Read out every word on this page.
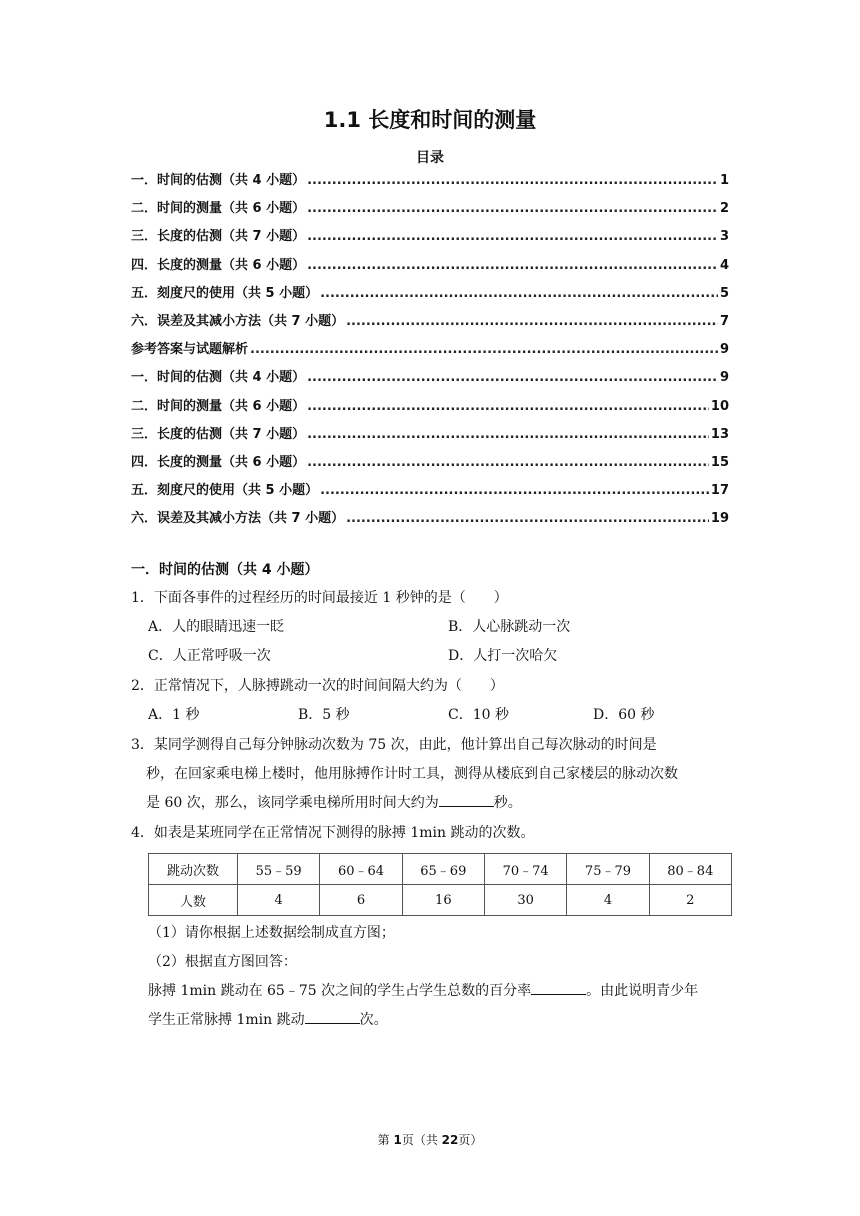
1.1 长度和时间的测量
目录
一．时间的估测（共 4 小题） .....	1
二．时间的测量（共 6 小题） .....	2
三．长度的估测（共 7 小题） .....	3
四．长度的测量（共 6 小题） .....	4
五．刻度尺的使用（共 5 小题） .....	5
六．误差及其减小方法（共 7 小题） .....	7
参考答案与试题解析 .....	9
一．时间的估测（共 4 小题） .....	9
二．时间的测量（共 6 小题） .....	10
三．长度的估测（共 7 小题） .....	13
四．长度的测量（共 6 小题） .....	15
五．刻度尺的使用（共 5 小题） .....	17
六．误差及其减小方法（共 7 小题） .....	19
一．时间的估测（共 4 小题）
1．下面各事件的过程经历的时间最接近 1 秒钟的是（　　）
A．人的眼睛迅速一眨	B．人心脉跳动一次
C．人正常呼吸一次	D．人打一次哈欠
2．正常情况下，人脉搏跳动一次的时间间隔大约为（　　）
A．1 秒	B．5 秒	C．10 秒	D．60 秒
3．某同学测得自己每分钟脉动次数为 75 次，由此，他计算出自己每次脉动的时间是
秒，在回家乘电梯上楼时，他用脉搏作计时工具，测得从楼底到自己家楼层的脉动次数
是 60 次，那么，该同学乘电梯所用时间大约为	秒。
4．如表是某班同学在正常情况下测得的脉搏 1min 跳动的次数。
跳动次数	55﹣59	60﹣64	65﹣69	70﹣74	75﹣79	80﹣84
人数	4	6	16	30	4	2
（1）请你根据上述数据绘制成直方图；
（2）根据直方图回答：
脉搏 1min 跳动在 65﹣75 次之间的学生占学生总数的百分率	。由此说明青少年
学生正常脉搏 1min 跳动	次。
第 1页（共 22页）
